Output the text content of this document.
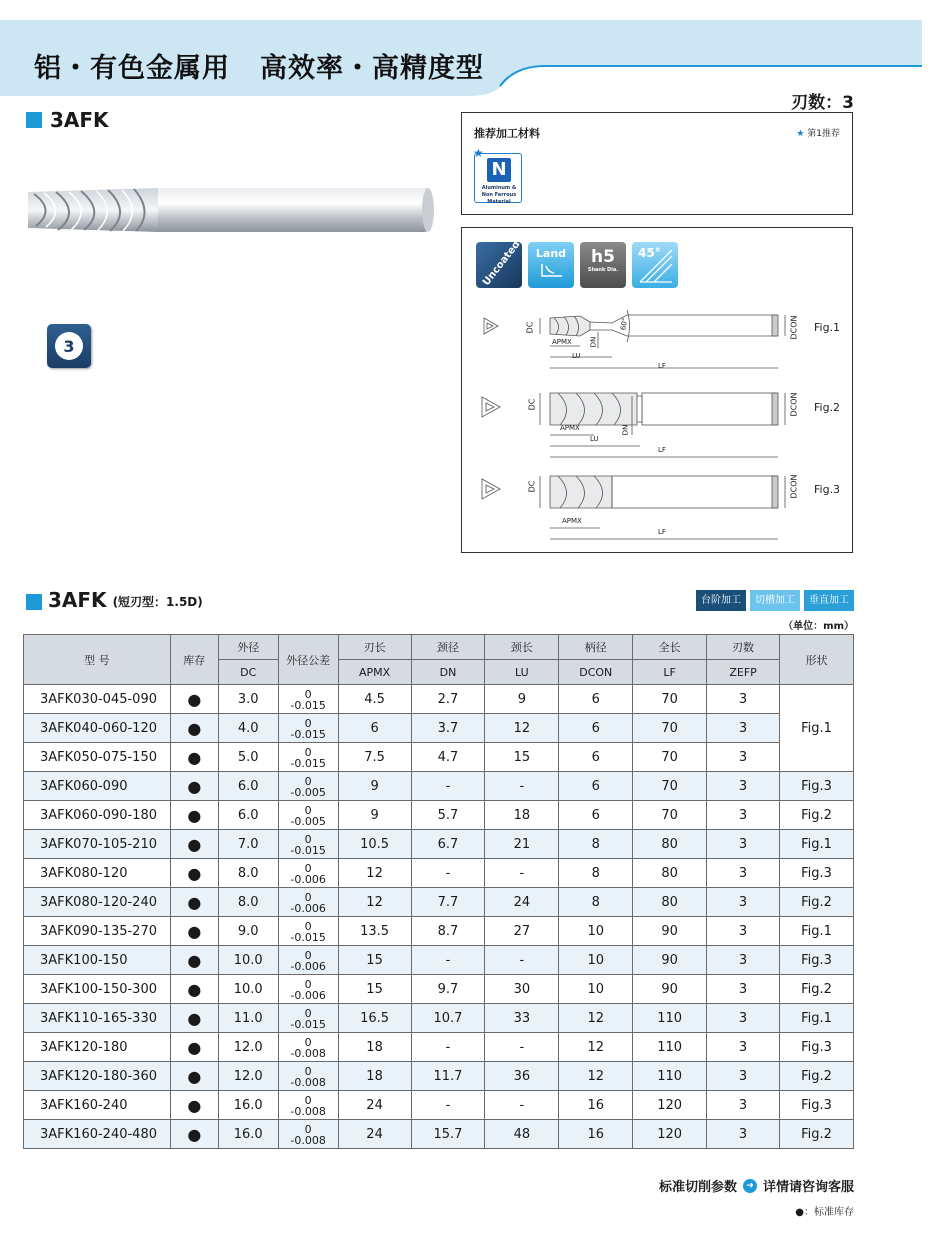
铝・有色金属用 高效率・高精度型
刃数：3
3AFK
3
推荐加工材料	★ 第1推荐
★
N
Aluminum &
Non Ferrous Material
Uncoated	Land	h5
Shank Dia.
45°
Fig.1
Fig.2
Fig.3
DC	DCON
APMX DN
LU
LF
60°
DC	DCON
APMX	DN
LU
LF
DC	DCON
APMX
LF
3AFK (短刃型：1.5D)	台阶加工	切槽加工	垂直加工
（单位：mm）
型 号	库存	外径	外径公差	刃长	颈径	颈长	柄径	全长	刃数	形状
		DC		APMX	DN	LU	DCON	LF	ZEFP	
3AFK030-045-090	●	3.0	0
-0.015	4.5	2.7	9	6	70	3	Fig.1
3AFK040-060-120	●	4.0	0
-0.015	6	3.7	12	6	70	3	
3AFK050-075-150	●	5.0	0
-0.015	7.5	4.7	15	6	70	3	
3AFK060-090	●	6.0	0
-0.005	9	-	-	6	70	3	Fig.3
3AFK060-090-180	●	6.0	0
-0.005	9	5.7	18	6	70	3	Fig.2
3AFK070-105-210	●	7.0	0
-0.015	10.5	6.7	21	8	80	3	Fig.1
3AFK080-120	●	8.0	0
-0.006	12	-	-	8	80	3	Fig.3
3AFK080-120-240	●	8.0	0
-0.006	12	7.7	24	8	80	3	Fig.2
3AFK090-135-270	●	9.0	0
-0.015	13.5	8.7	27	10	90	3	Fig.1
3AFK100-150	●	10.0	0
-0.006	15	-	-	10	90	3	Fig.3
3AFK100-150-300	●	10.0	0
-0.006	15	9.7	30	10	90	3	Fig.2
3AFK110-165-330	●	11.0	0
-0.015	16.5	10.7	33	12	110	3	Fig.1
3AFK120-180	●	12.0	0
-0.008	18	-	-	12	110	3	Fig.3
3AFK120-180-360	●	12.0	0
-0.008	18	11.7	36	12	110	3	Fig.2
3AFK160-240	●	16.0	0
-0.008	24	-	-	16	120	3	Fig.3
3AFK160-240-480	●	16.0	0
-0.008	24	15.7	48	16	120	3	Fig.2
标准切削参数	➜ 详情请咨询客服
●：标准库存
